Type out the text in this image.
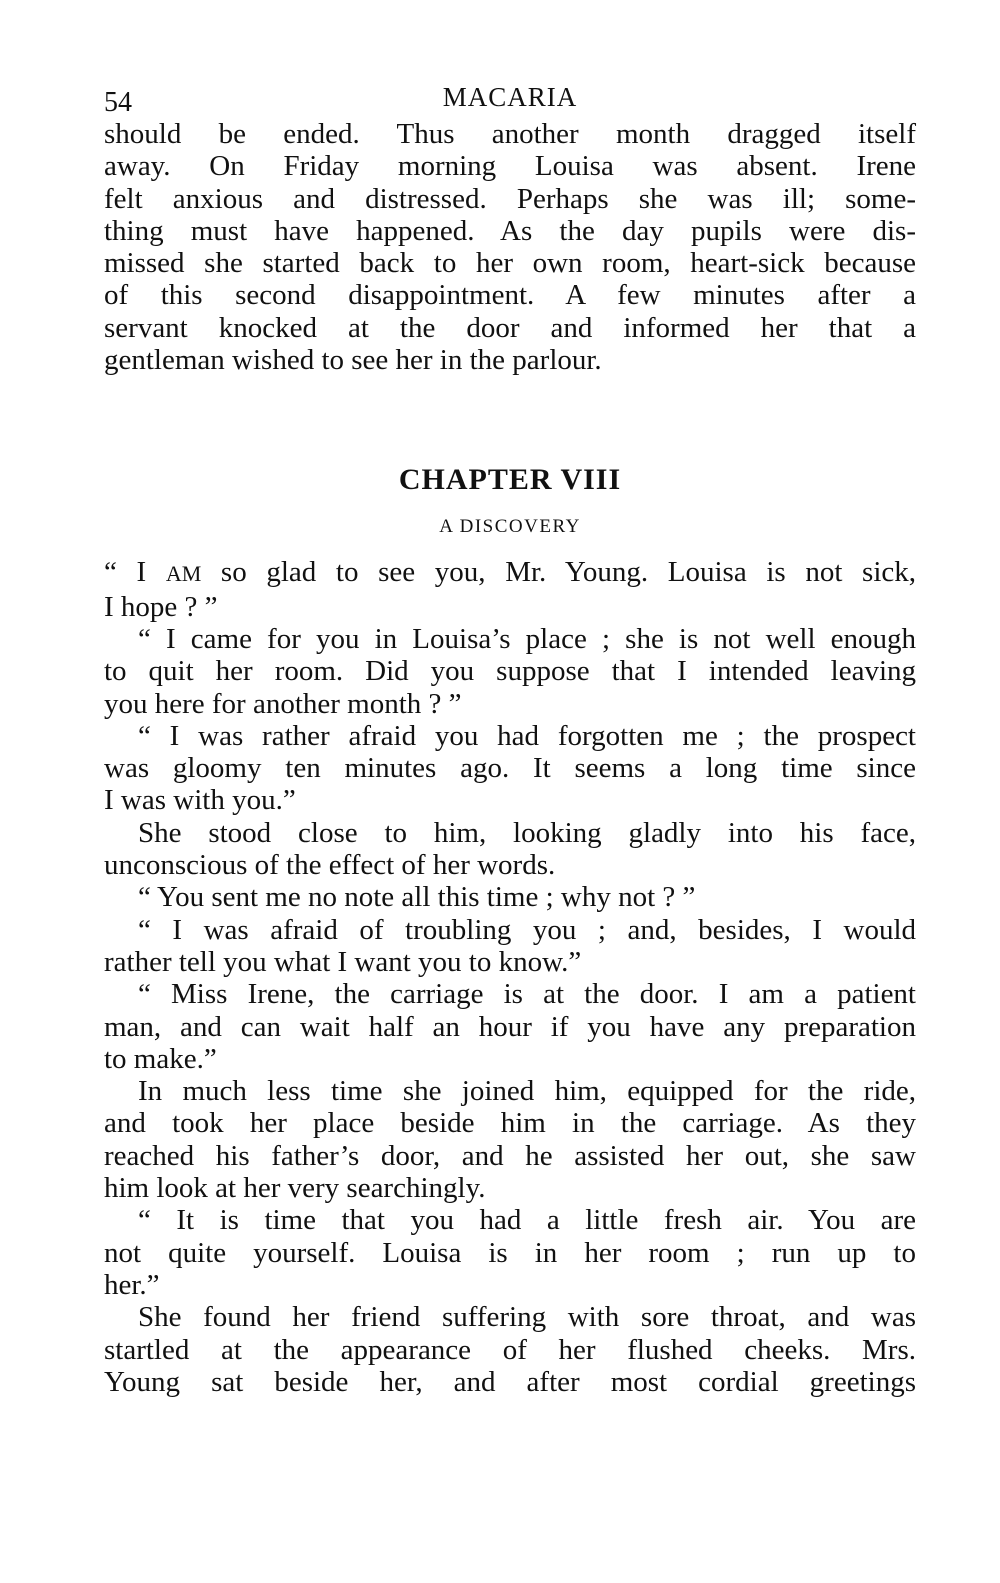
54	MACARIA
should be ended. Thus another month dragged itself
away. On Friday morning Louisa was absent. Irene
felt anxious and distressed. Perhaps she was ill; some-
thing must have happened. As the day pupils were dis-
missed she started back to her own room, heart-sick because
of this second disappointment. A few minutes after a
servant knocked at the door and informed her that a
gentleman wished to see her in the parlour.
CHAPTER VIII
A DISCOVERY
“ I AM so glad to see you, Mr. Young. Louisa is not sick,
I hope ? ”
“ I came for you in Louisa’s place ; she is not well enough
to quit her room. Did you suppose that I intended leaving
you here for another month ? ”
“ I was rather afraid you had forgotten me ; the prospect
was gloomy ten minutes ago. It seems a long time since
I was with you.”
She stood close to him, looking gladly into his face,
unconscious of the effect of her words.
“ You sent me no note all this time ; why not ? ”
“ I was afraid of troubling you ; and, besides, I would
rather tell you what I want you to know.”
“ Miss Irene, the carriage is at the door. I am a patient
man, and can wait half an hour if you have any preparation
to make.”
In much less time she joined him, equipped for the ride,
and took her place beside him in the carriage. As they
reached his father’s door, and he assisted her out, she saw
him look at her very searchingly.
“ It is time that you had a little fresh air. You are
not quite yourself. Louisa is in her room ; run up to
her.”
She found her friend suffering with sore throat, and was
startled at the appearance of her flushed cheeks. Mrs.
Young sat beside her, and after most cordial greetings
